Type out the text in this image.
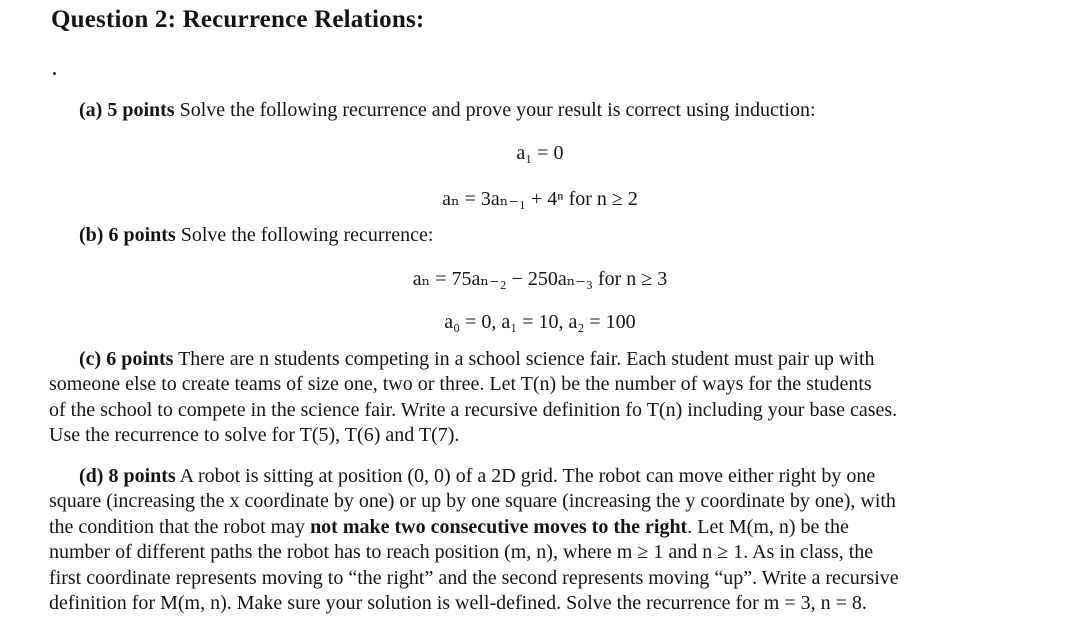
Question 2: Recurrence Relations:
(a) 5 points Solve the following recurrence and prove your result is correct using induction:
a₁ = 0
aₙ = 3aₙ₋₁ + 4ⁿ for n ≥ 2
(b) 6 points Solve the following recurrence:
aₙ = 75aₙ₋₂ − 250aₙ₋₃ for n ≥ 3
a₀ = 0, a₁ = 10, a₂ = 100
(c) 6 points There are n students competing in a school science fair. Each student must pair up with
someone else to create teams of size one, two or three. Let T(n) be the number of ways for the students
of the school to compete in the science fair. Write a recursive definition fo T(n) including your base cases.
Use the recurrence to solve for T(5), T(6) and T(7).
(d) 8 points A robot is sitting at position (0, 0) of a 2D grid. The robot can move either right by one
square (increasing the x coordinate by one) or up by one square (increasing the y coordinate by one), with
the condition that the robot may not make two consecutive moves to the right. Let M(m, n) be the
number of different paths the robot has to reach position (m, n), where m ≥ 1 and n ≥ 1. As in class, the
first coordinate represents moving to “the right” and the second represents moving “up”. Write a recursive
definition for M(m, n). Make sure your solution is well-defined. Solve the recurrence for m = 3, n = 8.
